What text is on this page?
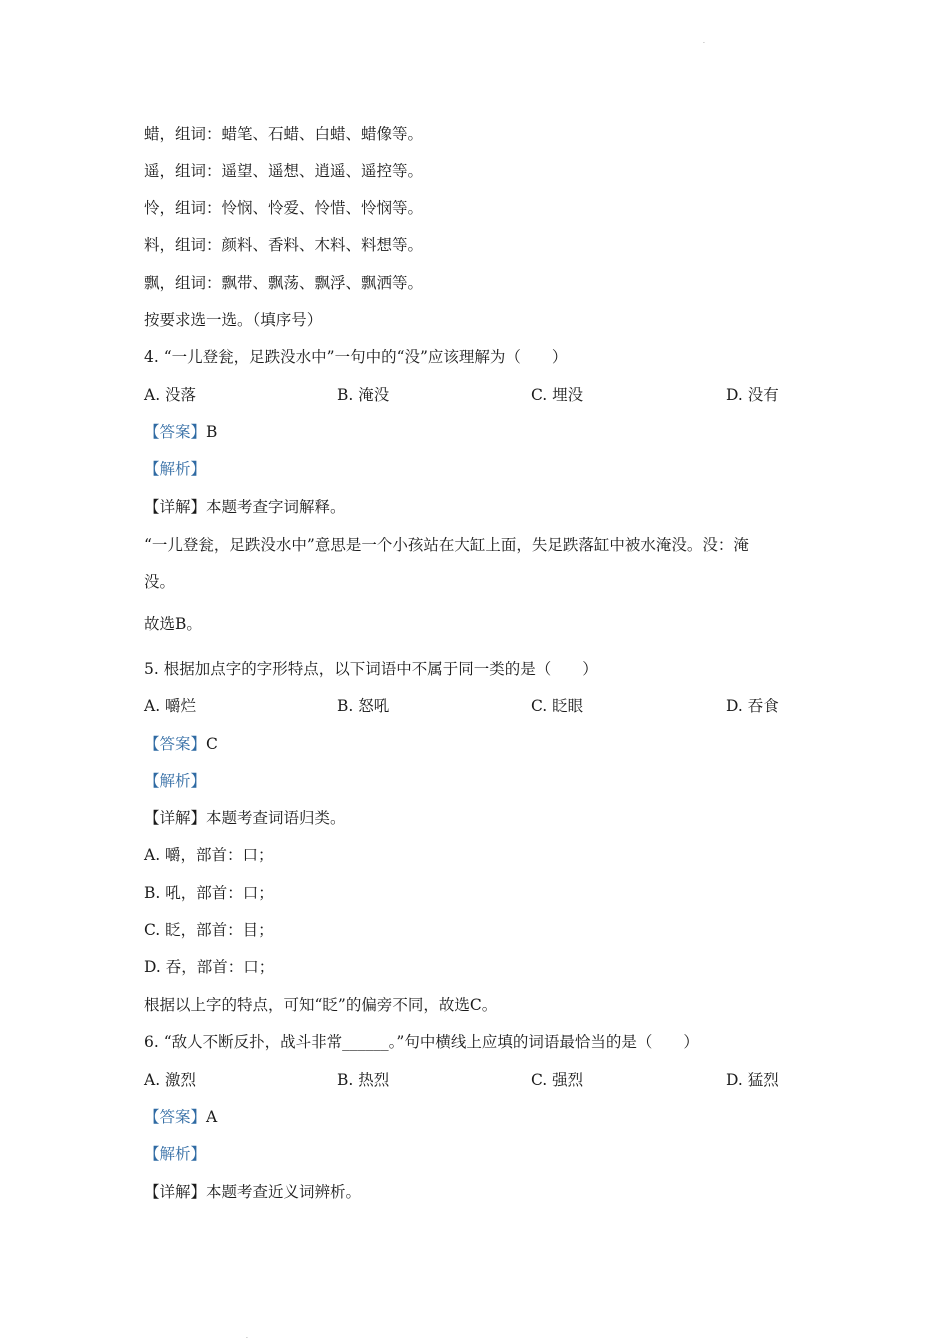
·
·
蜡，组词：蜡笔、石蜡、白蜡、蜡像等。
遥，组词：遥望、遥想、逍遥、遥控等。
怜，组词：怜悯、怜爱、怜惜、怜悯等。
料，组词：颜料、香料、木料、料想等。
飘，组词：飘带、飘荡、飘浮、飘洒等。
按要求选一选。（填序号）
4. “一儿登瓮，足跌没水中”一句中的“没”应该理解为（　　）
A. 没落	B. 淹没	C. 埋没	D. 没有
【答案】B
【解析】
【详解】本题考查字词解释。
“一儿登瓮，足跌没水中”意思是一个小孩站在大缸上面，失足跌落缸中被水淹没。没：淹
没。
故选B。
5. 根据加点字的字形特点，以下词语中不属于同一类的是（　　）
A. 嚼烂	B. 怒吼	C. 眨眼	D. 吞食
【答案】C
【解析】
【详解】本题考查词语归类。
A. 嚼，部首：口；
B. 吼，部首：口；
C. 眨，部首：目；
D. 吞，部首：口；
根据以上字的特点，可知“眨”的偏旁不同，故选C。
6. “敌人不断反扑，战斗非常______。”句中横线上应填的词语最恰当的是（　　）
A. 激烈	B. 热烈	C. 强烈	D. 猛烈
【答案】A
【解析】
【详解】本题考查近义词辨析。
